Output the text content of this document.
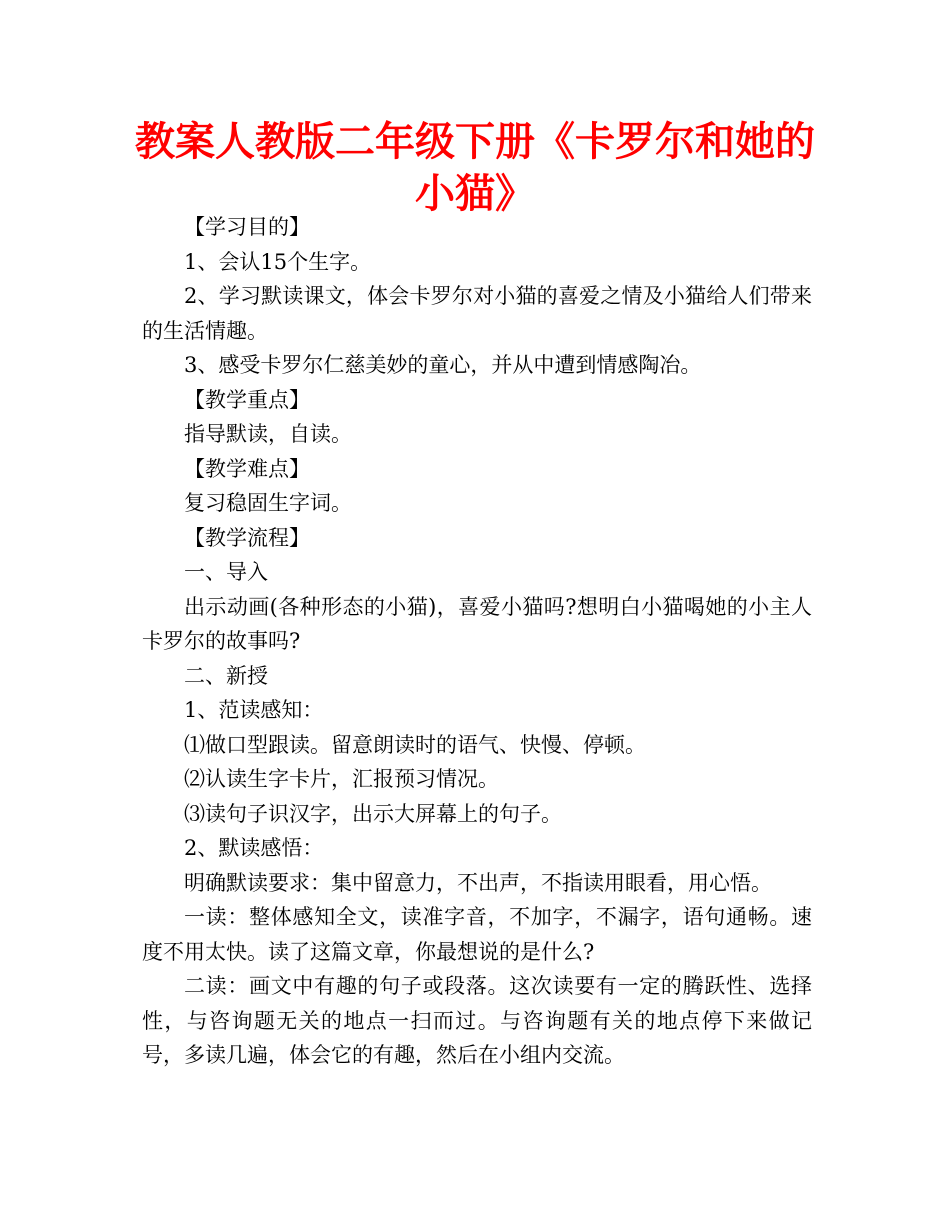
教案人教版二年级下册《卡罗尔和她的小猫》

【学习目的】

1、会认15个生字。

2、学习默读课文，体会卡罗尔对小猫的喜爱之情及小猫给人们带来的生活情趣。

3、感受卡罗尔仁慈美妙的童心，并从中遭到情感陶冶。

【教学重点】

指导默读，自读。

【教学难点】

复习稳固生字词。

【教学流程】

一、导入

出示动画(各种形态的小猫)，喜爱小猫吗?想明白小猫喝她的小主人卡罗尔的故事吗?

二、新授

1、范读感知：

⑴做口型跟读。留意朗读时的语气、快慢、停顿。

⑵认读生字卡片，汇报预习情况。

⑶读句子识汉字，出示大屏幕上的句子。

2、默读感悟：

明确默读要求：集中留意力，不出声，不指读用眼看，用心悟。

一读：整体感知全文，读准字音，不加字，不漏字，语句通畅。速度不用太快。读了这篇文章，你最想说的是什么?

二读：画文中有趣的句子或段落。这次读要有一定的腾跃性、选择性，与咨询题无关的地点一扫而过。与咨询题有关的地点停下来做记号，多读几遍，体会它的有趣，然后在小组内交流。
